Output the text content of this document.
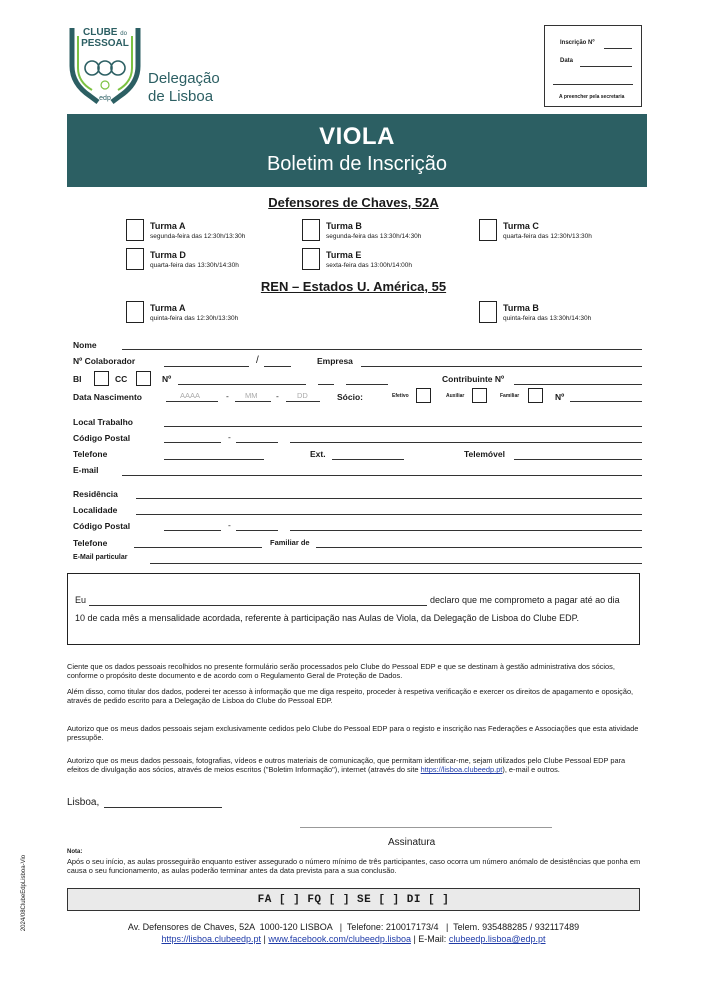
CLUBE do
PESSOAL
edp
Delegação
de Lisboa
Inscrição Nº
Data
A preencher pela secretaria
VIOLA
Boletim de Inscrição
Defensores de Chaves, 52A
Turma A
segunda-feira das 12:30h/13:30h
Turma B
segunda-feira das 13:30h/14:30h
Turma C
quarta-feira das 12:30h/13:30h
Turma D
quarta-feira das 13:30h/14:30h
Turma E
sexta-feira das 13:00h/14:00h
REN – Estados U. América, 55
Turma A
quinta-feira das 12:30h/13:30h
Turma B
quinta-feira das 13:30h/14:30h
Nome
Nº Colaborador	/	Empresa
BI	CC	Nº	Contribuinte Nº
Data Nascimento	AAAA	- MM - DD	Sócio:	Efetivo	Auxiliar	Familiar	Nº
Local Trabalho
Código Postal	-
Telefone	Ext.	Telemóvel
E-mail
Residência
Localidade
Código Postal	-
Telefone	Familiar de
E-Mail particular
Eu	declaro que me comprometo a pagar até ao dia
10 de cada mês a mensalidade acordada, referente à participação nas Aulas de Viola, da Delegação de Lisboa do Clube EDP.
Ciente que os dados pessoais recolhidos no presente formulário serão processados pelo Clube do Pessoal EDP e que se destinam à gestão administrativa dos sócios, conforme o propósito deste documento e de acordo com o Regulamento Geral de Proteção de Dados.
Além disso, como titular dos dados, poderei ter acesso à informação que me diga respeito, proceder à respetiva verificação e exercer os direitos de apagamento e oposição, através de pedido escrito para a Delegação de Lisboa do Clube do Pessoal EDP.
Autorizo que os meus dados pessoais sejam exclusivamente cedidos pelo Clube do Pessoal EDP para o registo e inscrição nas Federações e Associações que esta atividade pressupõe.
Autorizo que os meus dados pessoais, fotografias, vídeos e outros materiais de comunicação, que permitam identificar-me, sejam utilizados pelo Clube Pessoal EDP para efeitos de divulgação aos sócios, através de meios escritos ("Boletim Informação"), internet (através do site https://lisboa.clubeedp.pt), e-mail e outros.
Lisboa,
Assinatura
Nota:
Após o seu início, as aulas prosseguirão enquanto estiver assegurado o número mínimo de três participantes, caso ocorra um número anómalo de desistências que ponha em causa o seu funcionamento, as aulas poderão terminar antes da data prevista para a sua conclusão.
FA [ ] FQ [ ] SE [ ] DI [ ]
Av. Defensores de Chaves, 52A  1000-120 LISBOA   |  Telefone: 210017173/4   |  Telem. 935488285 / 932117489
https://lisboa.clubeedp.pt | www.facebook.com/clubeedp.lisboa | E-Mail: clubeedp.lisboa@edp.pt
2024/08ClubeEdpLisboa-Vio
